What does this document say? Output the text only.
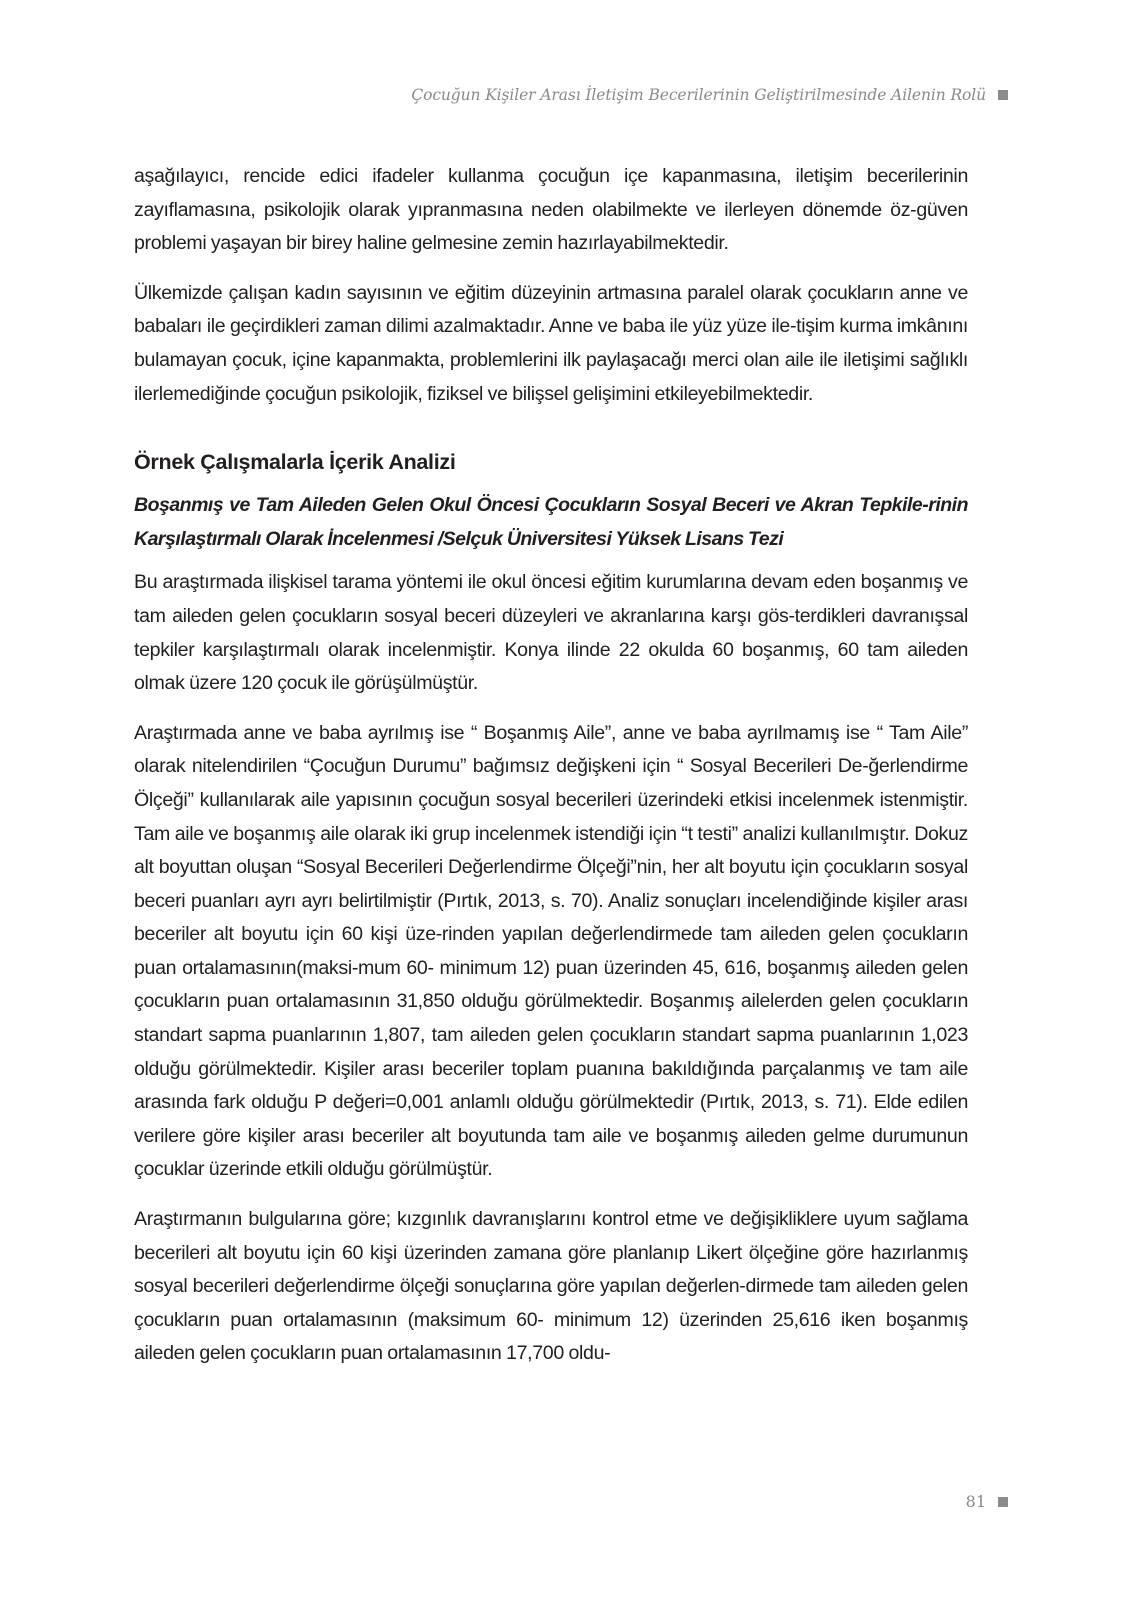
Çocuğun Kişiler Arası İletişim Becerilerinin Geliştirilmesinde Ailenin Rolü

aşağılayıcı, rencide edici ifadeler kullanma çocuğun içe kapanmasına, iletişim becerilerinin zayıflamasına, psikolojik olarak yıpranmasına neden olabilmekte ve ilerleyen dönemde öz-güven problemi yaşayan bir birey haline gelmesine zemin hazırlayabilmektedir.

Ülkemizde çalışan kadın sayısının ve eğitim düzeyinin artmasına paralel olarak çocukların anne ve babaları ile geçirdikleri zaman dilimi azalmaktadır. Anne ve baba ile yüz yüze ile-tişim kurma imkânını bulamayan çocuk, içine kapanmakta, problemlerini ilk paylaşacağı merci olan aile ile iletişimi sağlıklı ilerlemediğinde çocuğun psikolojik, fiziksel ve bilişsel gelişimini etkileyebilmektedir.

Örnek Çalışmalarla İçerik Analizi
Boşanmış ve Tam Aileden Gelen Okul Öncesi Çocukların Sosyal Beceri ve Akran Tepkile-rinin Karşılaştırmalı Olarak İncelenmesi /Selçuk Üniversitesi Yüksek Lisans Tezi

Bu araştırmada ilişkisel tarama yöntemi ile okul öncesi eğitim kurumlarına devam eden boşanmış ve tam aileden gelen çocukların sosyal beceri düzeyleri ve akranlarına karşı gös-terdikleri davranışsal tepkiler karşılaştırmalı olarak incelenmiştir. Konya ilinde 22 okulda 60 boşanmış, 60 tam aileden olmak üzere 120 çocuk ile görüşülmüştür.

Araştırmada anne ve baba ayrılmış ise “ Boşanmış Aile”, anne ve baba ayrılmamış ise “ Tam Aile” olarak nitelendirilen “Çocuğun Durumu” bağımsız değişkeni için “ Sosyal Becerileri De-ğerlendirme Ölçeği” kullanılarak aile yapısının çocuğun sosyal becerileri üzerindeki etkisi incelenmek istenmiştir. Tam aile ve boşanmış aile olarak iki grup incelenmek istendiği için “t testi” analizi kullanılmıştır. Dokuz alt boyuttan oluşan “Sosyal Becerileri Değerlendirme Ölçeği”nin, her alt boyutu için çocukların sosyal beceri puanları ayrı ayrı belirtilmiştir (Pırtık, 2013, s. 70). Analiz sonuçları incelendiğinde kişiler arası beceriler alt boyutu için 60 kişi üze-rinden yapılan değerlendirmede tam aileden gelen çocukların puan ortalamasının(maksi-mum 60- minimum 12) puan üzerinden 45, 616, boşanmış aileden gelen çocukların puan ortalamasının 31,850 olduğu görülmektedir. Boşanmış ailelerden gelen çocukların standart sapma puanlarının 1,807, tam aileden gelen çocukların standart sapma puanlarının 1,023 olduğu görülmektedir. Kişiler arası beceriler toplam puanına bakıldığında parçalanmış ve tam aile arasında fark olduğu P değeri=0,001 anlamlı olduğu görülmektedir (Pırtık, 2013, s. 71). Elde edilen verilere göre kişiler arası beceriler alt boyutunda tam aile ve boşanmış aileden gelme durumunun çocuklar üzerinde etkili olduğu görülmüştür.

Araştırmanın bulgularına göre; kızgınlık davranışlarını kontrol etme ve değişikliklere uyum sağlama becerileri alt boyutu için 60 kişi üzerinden zamana göre planlanıp Likert ölçeğine göre hazırlanmış sosyal becerileri değerlendirme ölçeği sonuçlarına göre yapılan değerlen-dirmede tam aileden gelen çocukların puan ortalamasının (maksimum 60- minimum 12) üzerinden 25,616 iken boşanmış aileden gelen çocukların puan ortalamasının 17,700 oldu-

81
